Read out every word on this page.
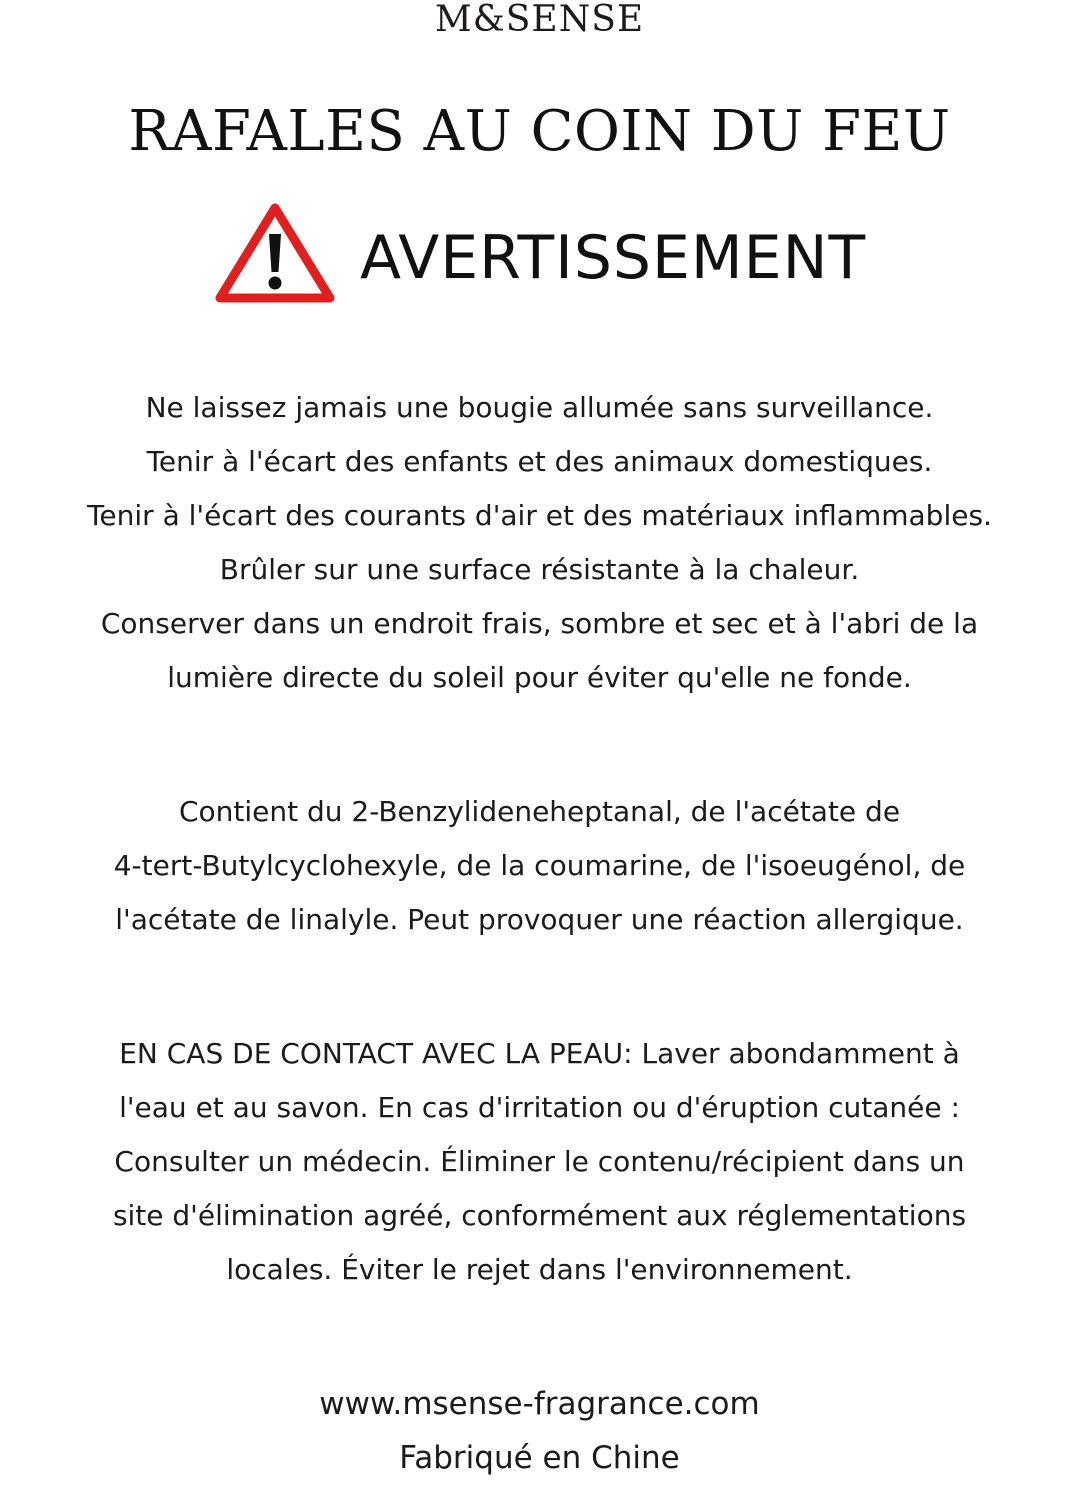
M&SENSE
RAFALES AU COIN DU FEU
AVERTISSEMENT
Ne laissez jamais une bougie allumée sans surveillance.
Tenir à l'écart des enfants et des animaux domestiques.
Tenir à l'écart des courants d'air et des matériaux inflammables.
Brûler sur une surface résistante à la chaleur.
Conserver dans un endroit frais, sombre et sec et à l'abri de la
lumière directe du soleil pour éviter qu'elle ne fonde.
Contient du 2-Benzylideneheptanal, de l'acétate de
4-tert-Butylcyclohexyle, de la coumarine, de l'isoeugénol, de
l'acétate de linalyle. Peut provoquer une réaction allergique.
EN CAS DE CONTACT AVEC LA PEAU: Laver abondamment à
l'eau et au savon. En cas d'irritation ou d'éruption cutanée :
Consulter un médecin. Éliminer le contenu/récipient dans un
site d'élimination agréé, conformément aux réglementations
locales. Éviter le rejet dans l'environnement.
www.msense-fragrance.com
Fabriqué en Chine
